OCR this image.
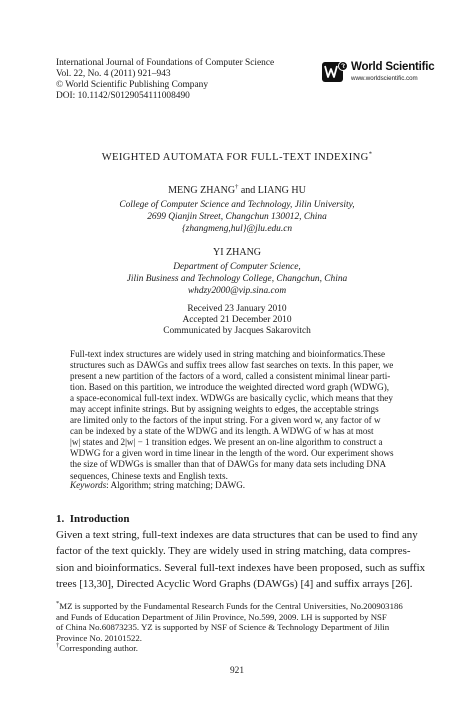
International Journal of Foundations of Computer Science
Vol. 22, No. 4 (2011) 921–943
© World Scientific Publishing Company
DOI: 10.1142/S0129054111008490
World Scientific
www.worldscientific.com
WEIGHTED AUTOMATA FOR FULL-TEXT INDEXING*
MENG ZHANG† and LIANG HU
College of Computer Science and Technology, Jilin University,
2699 Qianjin Street, Changchun 130012, China
{zhangmeng,hul}@jlu.edu.cn
YI ZHANG
Department of Computer Science,
Jilin Business and Technology College, Changchun, China
whdzy2000@vip.sina.com
Received 23 January 2010
Accepted 21 December 2010
Communicated by Jacques Sakarovitch
Full-text index structures are widely used in string matching and bioinformatics.These
structures such as DAWGs and suffix trees allow fast searches on texts. In this paper, we
present a new partition of the factors of a word, called a consistent minimal linear parti-
tion. Based on this partition, we introduce the weighted directed word graph (WDWG),
a space-economical full-text index. WDWGs are basically cyclic, which means that they
may accept infinite strings. But by assigning weights to edges, the acceptable strings
are limited only to the factors of the input string. For a given word w, any factor of w
can be indexed by a state of the WDWG and its length. A WDWG of w has at most
|w| states and 2|w| − 1 transition edges. We present an on-line algorithm to construct a
WDWG for a given word in time linear in the length of the word. Our experiment shows
the size of WDWGs is smaller than that of DAWGs for many data sets including DNA
sequences, Chinese texts and English texts.
Keywords: Algorithm; string matching; DAWG.
1. Introduction
Given a text string, full-text indexes are data structures that can be used to find any
factor of the text quickly. They are widely used in string matching, data compres-
sion and bioinformatics. Several full-text indexes have been proposed, such as suffix
trees [13,30], Directed Acyclic Word Graphs (DAWGs) [4] and suffix arrays [26].
*MZ is supported by the Fundamental Research Funds for the Central Universities, No.200903186
and Funds of Education Department of Jilin Province, No.599, 2009. LH is supported by NSF
of China No.60873235. YZ is supported by NSF of Science & Technology Department of Jilin
Province No. 20101522.
†Corresponding author.
921
